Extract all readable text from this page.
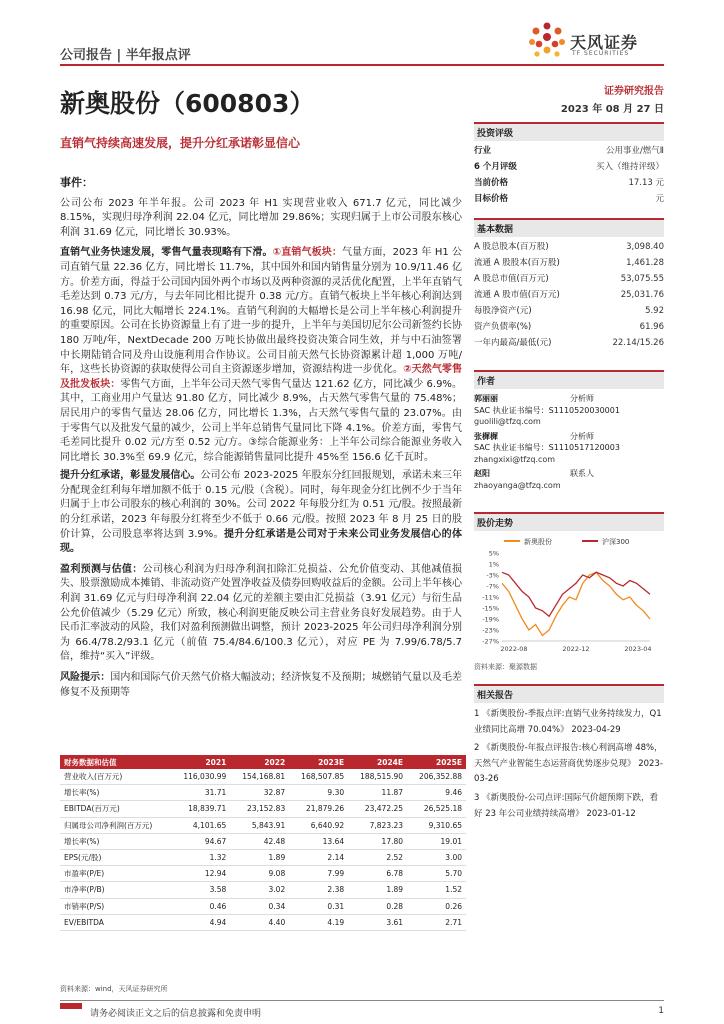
公司报告 | 半年报点评
天风证券
TF SECURITIES
新奥股份（600803）	证券研究报告
2023 年 08 月 27 日
直销气持续高速发展，提升分红承诺彰显信心

事件：

公司公布 2023 年半年报。公司 2023 年 H1 实现营业收入 671.7 亿元，同比减少 8.15%，实现归母净利润 22.04 亿元，同比增加 29.86%；实现归属于上市公司股东核心利润 31.69 亿元，同比增长 30.93%。

直销气业务快速发展，零售气量表现略有下滑。①直销气板块：气量方面，2023 年 H1 公司直销气量 22.36 亿方，同比增长 11.7%，其中国外和国内销售量分别为 10.9/11.46 亿方。价差方面，得益于公司国内国外两个市场以及两种资源的灵活优化配置，上半年直销气毛差达到 0.73 元/方，与去年同比相比提升 0.38 元/方。直销气板块上半年核心利润达到 16.98 亿元，同比大幅增长 224.1%。直销气利润的大幅增长是公司上半年核心利润提升的重要原因。公司在长协资源量上有了进一步的提升，上半年与美国切尼尔公司新签约长协 180 万吨/年，NextDecade 200 万吨长协做出最终投资决策合同生效，并与中石油签署中长期陆销合同及舟山设施利用合作协议。公司目前天然气长协资源累计超 1,000 万吨/年，这些长协资源的获取使得公司自主资源逐步增加，资源结构进一步优化。②天然气零售及批发板块：零售气方面，上半年公司天然气零售气量达 121.62 亿方，同比减少 6.9%。其中，工商业用户气量达 91.80 亿方，同比减少 8.9%，占天然气零售气量的 75.48%；居民用户的零售气量达 28.06 亿方，同比增长 1.3%，占天然气零售气量的 23.07%。由于零售气以及批发气量的减少，公司上半年总销售气量同比下降 4.1%。价差方面，零售气毛差同比提升 0.02 元/方至 0.52 元/方。③综合能源业务：上半年公司综合能源业务收入同比增长 30.3%至 69.9 亿元，综合能源销售量同比提升 45%至 156.6 亿千瓦时。

提升分红承诺，彰显发展信心。公司公布 2023-2025 年股东分红回报规划，承诺未来三年分配现金红利每年增加额不低于 0.15 元/股（含税）。同时，每年现金分红比例不少于当年归属于上市公司股东的核心利润的 30%。公司 2022 年每股分红为 0.51 元/股。按照最新的分红承诺，2023 年每股分红将至少不低于 0.66 元/股。按照 2023 年 8 月 25 日的股价计算，公司股息率将达到 3.9%。提升分红承诺是公司对于未来公司业务发展信心的体现。

盈利预测与估值：公司核心利润为归母净利润扣除汇兑损益、公允价值变动、其他减值损失、股票激励成本摊销、非流动资产处置净收益及债券回购收益后的金额。公司上半年核心利润 31.69 亿元与归母净利润 22.04 亿元的差额主要由汇兑损益（3.91 亿元）与衍生品公允价值减少（5.29 亿元）所致，核心利润更能反映公司主营业务良好发展趋势。由于人民币汇率波动的风险，我们对盈利预测做出调整，预计 2023-2025 年公司归母净利润分别为 66.4/78.2/93.1 亿元（前值 75.4/84.6/100.3 亿元），对应 PE 为 7.99/6.78/5.7 倍，维持“买入”评级。

风险提示：国内和国际气价天然气价格大幅波动；经济恢复不及预期；城燃销气量以及毛差修复不及预期等

财务数据和估值	2021	2022	2023E	2024E	2025E
营业收入(百万元)	116,030.99	154,168.81	168,507.85	188,515.90	206,352.88
增长率(%)	31.71	32.87	9.30	11.87	9.46
EBITDA(百万元)	18,839.71	23,152.83	21,879.26	23,472.25	26,525.18
归属母公司净利润(百万元)	4,101.65	5,843.91	6,640.92	7,823.23	9,310.65
增长率(%)	94.67	42.48	13.64	17.80	19.01
EPS(元/股)	1.32	1.89	2.14	2.52	3.00
市盈率(P/E)	12.94	9.08	7.99	6.78	5.70
市净率(P/B)	3.58	3.02	2.38	1.89	1.52
市销率(P/S)	0.46	0.34	0.31	0.28	0.26
EV/EBITDA	4.94	4.40	4.19	3.61	2.71
资料来源：wind，天风证券研究所
投资评级
行业	公用事业/燃气Ⅱ
6 个月评级	买入（维持评级）
当前价格	17.13 元
目标价格	元
基本数据
A 股总股本(百万股)	3,098.40
流通 A 股股本(百万股)	1,461.28
A 股总市值(百万元)	53,075.55
流通 A 股市值(百万元)	25,031.76
每股净资产(元)	5.92
资产负债率(%)	61.96
一年内最高/最低(元)	22.14/15.26
作者
郭丽丽	分析师
SAC 执业证书编号：S1110520030001
guolili@tfzq.com
张樨樨	分析师
SAC 执业证书编号：S1110517120003
zhangxixi@tfzq.com
赵阳	联系人
zhaoyanga@tfzq.com
股价走势
新奥股份	沪深300
5%
1%
-3%
-7%
-11%
-15%
-19%
-23%
-27%
2022-08	2022-12	2023-04
资料来源：聚源数据
相关报告
1 《新奥股份-季报点评:直销气业务持续发力，Q1 业绩同比高增 70.04%》 2023-04-29
2 《新奥股份-年报点评报告:核心利润高增 48%，天然气产业智能生态运营商优势逐步兑现》 2023-03-26
3 《新奥股份-公司点评:国际气价超预期下跌，看好 23 年公司业绩持续高增》 2023-01-12
请务必阅读正文之后的信息披露和免责申明	1
